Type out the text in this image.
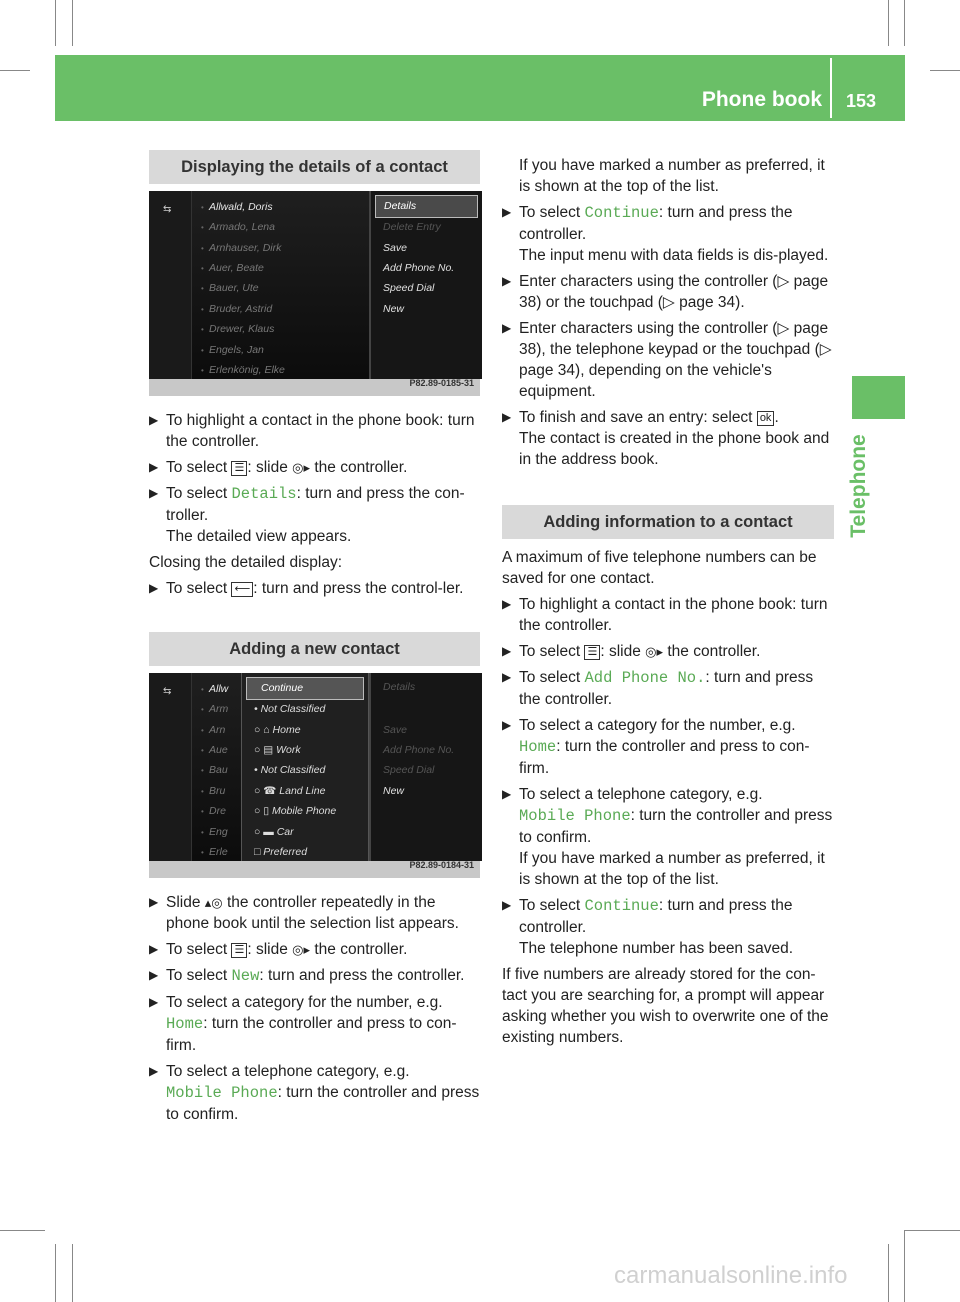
Phone book 153
Telephone
Displaying the details of a contact
⇆	• Allwald, Doris
• Armado, Lena
• Arnhauser, Dirk
• Auer, Beate
• Bauer, Ute
• Bruder, Astrid
• Drewer, Klaus
• Engels, Jan
• Erlenkönig, Elke
Details
Delete Entry
Save
Add Phone No.
Speed Dial
New
P82.89-0185-31
▶ To highlight a contact in the phone book: turn the controller.
▶ To select ☰ : slide ◎▸ the controller.
▶ To select Details: turn and press the con-troller.
The detailed view appears.

Closing the detailed display:

▶ To select ⟵ : turn and press the control-ler.
Adding a new contact
⇆	• Allw
• Arm
• Arn
• Aue
• Bau
• Bru
• Dre
• Eng
• Erle
Continue
• Not Classified
○ ⌂ Home
○ ▤ Work
• Not Classified
○ ☎ Land Line
○ ▯ Mobile Phone
○ ▬ Car
□ Preferred
Details
Save
Add Phone No.
Speed Dial
New
P82.89-0184-31
▶ Slide ▴◎ the controller repeatedly in the phone book until the selection list appears.
▶ To select ☰ : slide ◎▸ the controller.
▶ To select New: turn and press the controller.
▶ To select a category for the number, e.g.
Home: turn the controller and press to con-firm.
▶ To select a telephone category, e.g.
Mobile Phone: turn the controller and press to confirm.

If you have marked a number as preferred, it is shown at the top of the list.

▶ To select Continue: turn and press the controller.
The input menu with data fields is dis-played.
▶ Enter characters using the controller (▷ page 38) or the touchpad (▷ page 34).
▶ Enter characters using the controller (▷ page 38), the telephone keypad or the touchpad (▷ page 34), depending on the vehicle's equipment.
▶ To finish and save an entry: select ok .
The contact is created in the phone book and in the address book.
Adding information to a contact

A maximum of five telephone numbers can be saved for one contact.

▶ To highlight a contact in the phone book: turn the controller.
▶ To select ☰ : slide ◎▸ the controller.
▶ To select Add Phone No.: turn and press the controller.
▶ To select a category for the number, e.g.
Home: turn the controller and press to con-firm.
▶ To select a telephone category, e.g.
Mobile Phone: turn the controller and press to confirm.
If you have marked a number as preferred, it is shown at the top of the list.
▶ To select Continue: turn and press the controller.
The telephone number has been saved.

If five numbers are already stored for the con-tact you are searching for, a prompt will appear asking whether you wish to overwrite one of the existing numbers.

carmanualsonline.info
